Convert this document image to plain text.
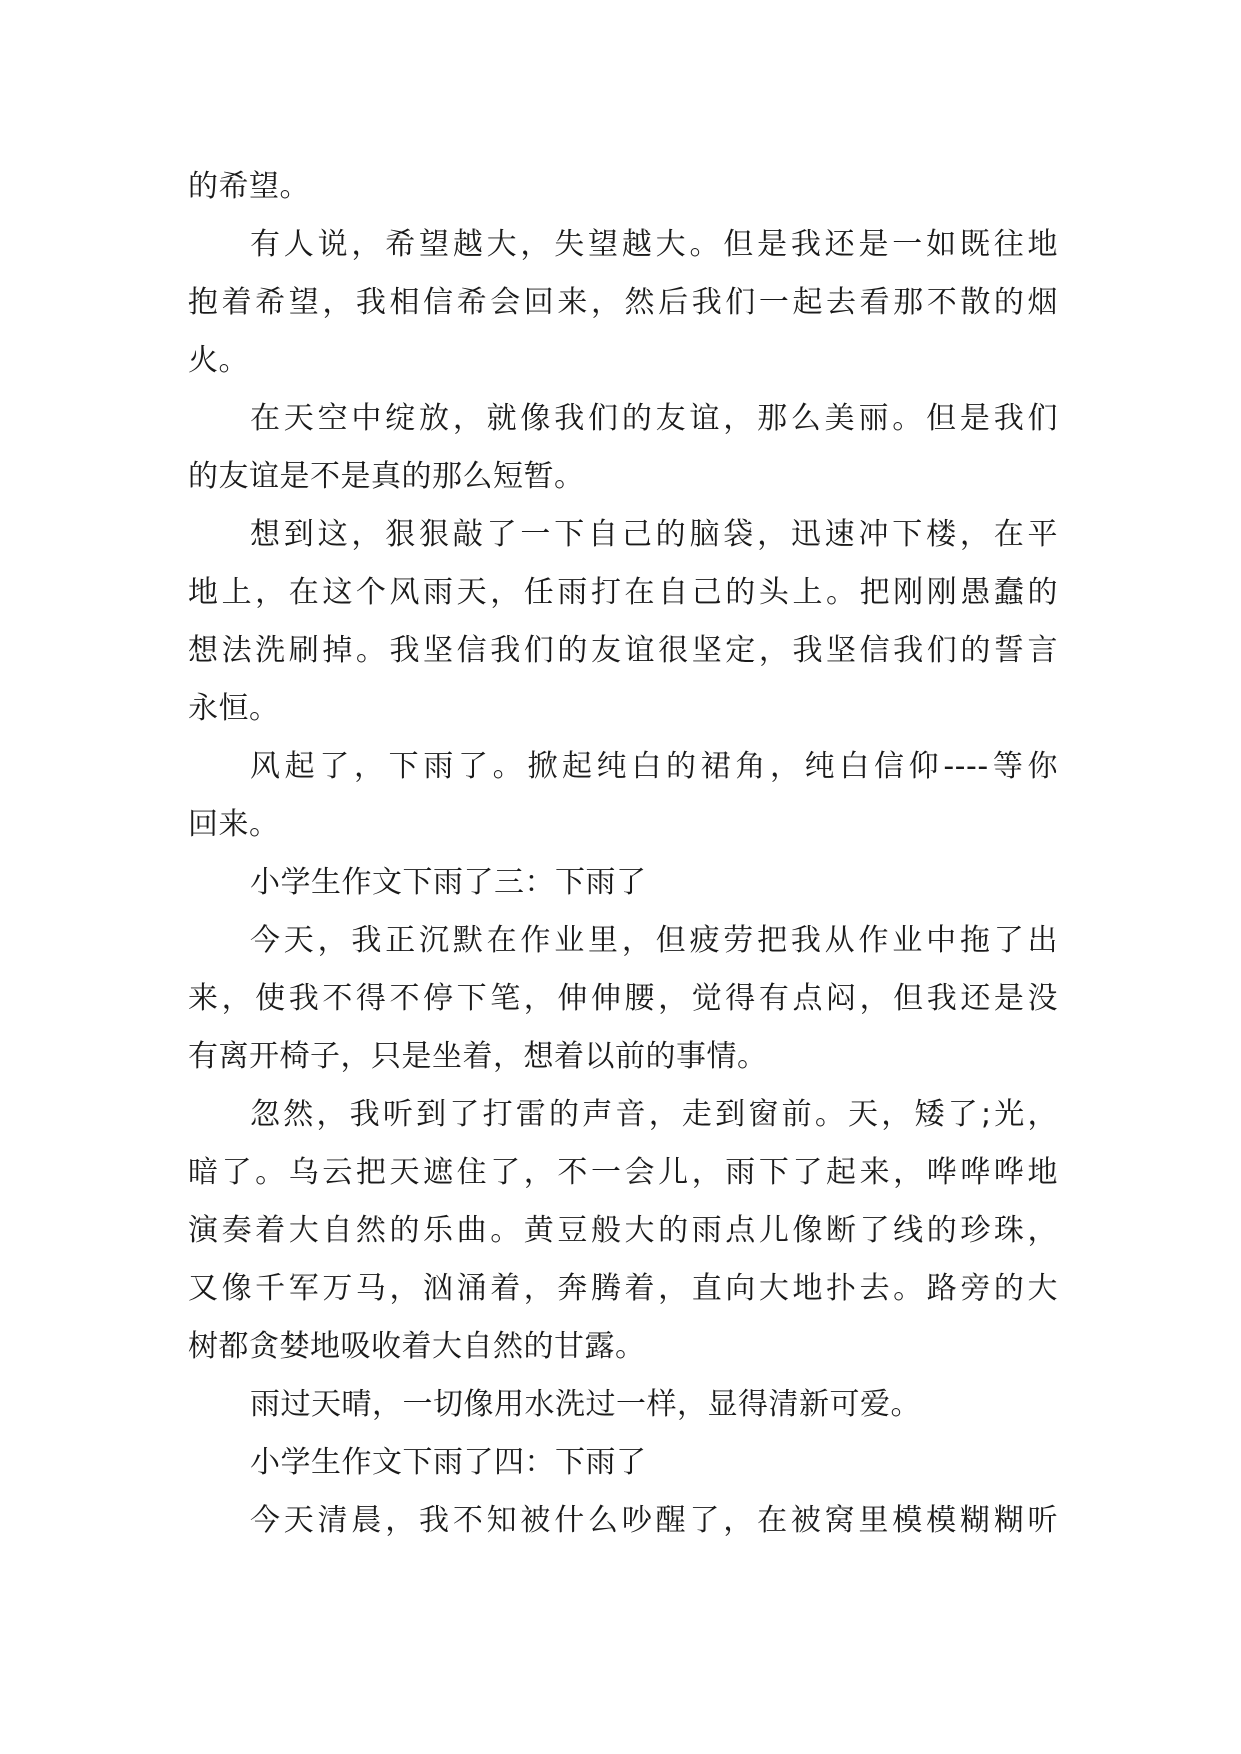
的希望。
有人说，希望越大，失望越大。但是我还是一如既往地
抱着希望，我相信希会回来，然后我们一起去看那不散的烟
火。
在天空中绽放，就像我们的友谊，那么美丽。但是我们
的友谊是不是真的那么短暂。
想到这，狠狠敲了一下自己的脑袋，迅速冲下楼，在平
地上，在这个风雨天，任雨打在自己的头上。把刚刚愚蠢的
想法洗刷掉。我坚信我们的友谊很坚定，我坚信我们的誓言
永恒。
风起了，下雨了。掀起纯白的裙角，纯白信仰----等你
回来。
小学生作文下雨了三：下雨了
今天，我正沉默在作业里，但疲劳把我从作业中拖了出
来，使我不得不停下笔，伸伸腰，觉得有点闷，但我还是没
有离开椅子，只是坐着，想着以前的事情。
忽然，我听到了打雷的声音，走到窗前。天，矮了;光，
暗了。乌云把天遮住了，不一会儿，雨下了起来，哗哗哗地
演奏着大自然的乐曲。黄豆般大的雨点儿像断了线的珍珠，
又像千军万马，汹涌着，奔腾着，直向大地扑去。路旁的大
树都贪婪地吸收着大自然的甘露。
雨过天晴，一切像用水洗过一样，显得清新可爱。
小学生作文下雨了四：下雨了
今天清晨，我不知被什么吵醒了，在被窝里模模糊糊听
